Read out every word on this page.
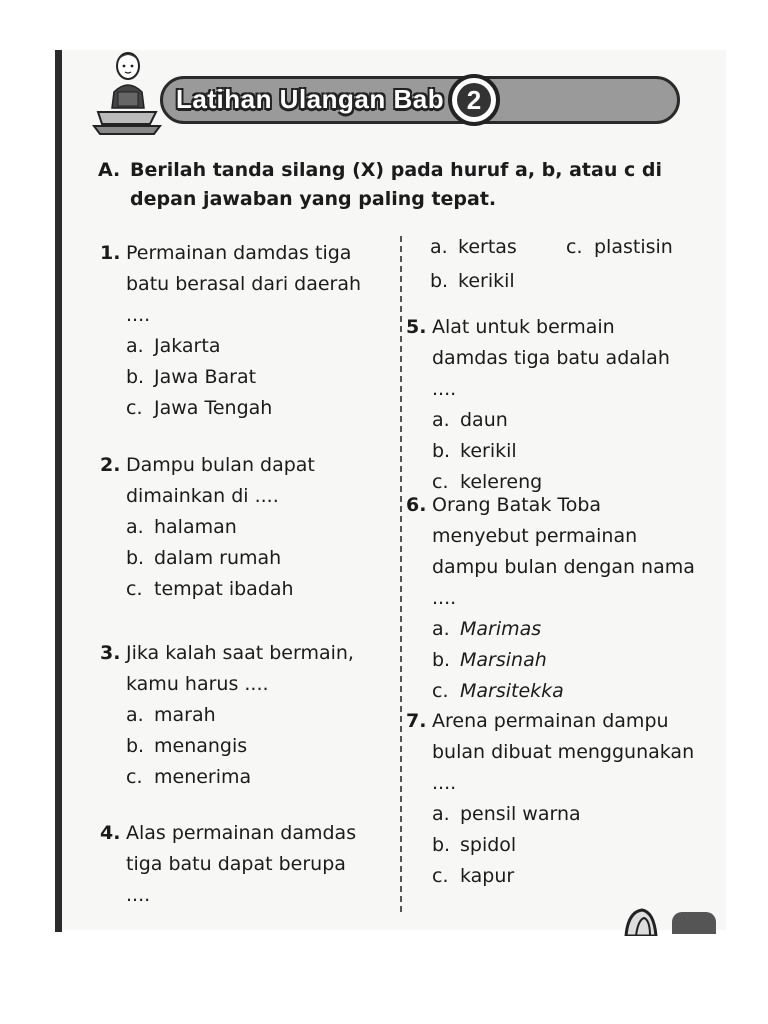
Latihan Ulangan Bab 2
A. Berilah tanda silang (X) pada huruf a, b, atau c di depan jawaban yang paling tepat.
1. Permainan damdas tiga batu berasal dari daerah ....
a. Jakarta
b. Jawa Barat
c. Jawa Tengah
2. Dampu bulan dapat dimainkan di ....
a. halaman
b. dalam rumah
c. tempat ibadah
3. Jika kalah saat bermain, kamu harus ....
a. marah
b. menangis
c. menerima
4. Alas permainan damdas tiga batu dapat berupa ....
a. kertas	c. plastisin
b. kerikil
5. Alat untuk bermain damdas tiga batu adalah ....
a. daun
b. kerikil
c. kelereng
6. Orang Batak Toba menyebut permainan dampu bulan dengan nama ....
a. Marimas
b. Marsinah
c. Marsitekka
7. Arena permainan dampu bulan dibuat menggunakan ....
a. pensil warna
b. spidol
c. kapur
